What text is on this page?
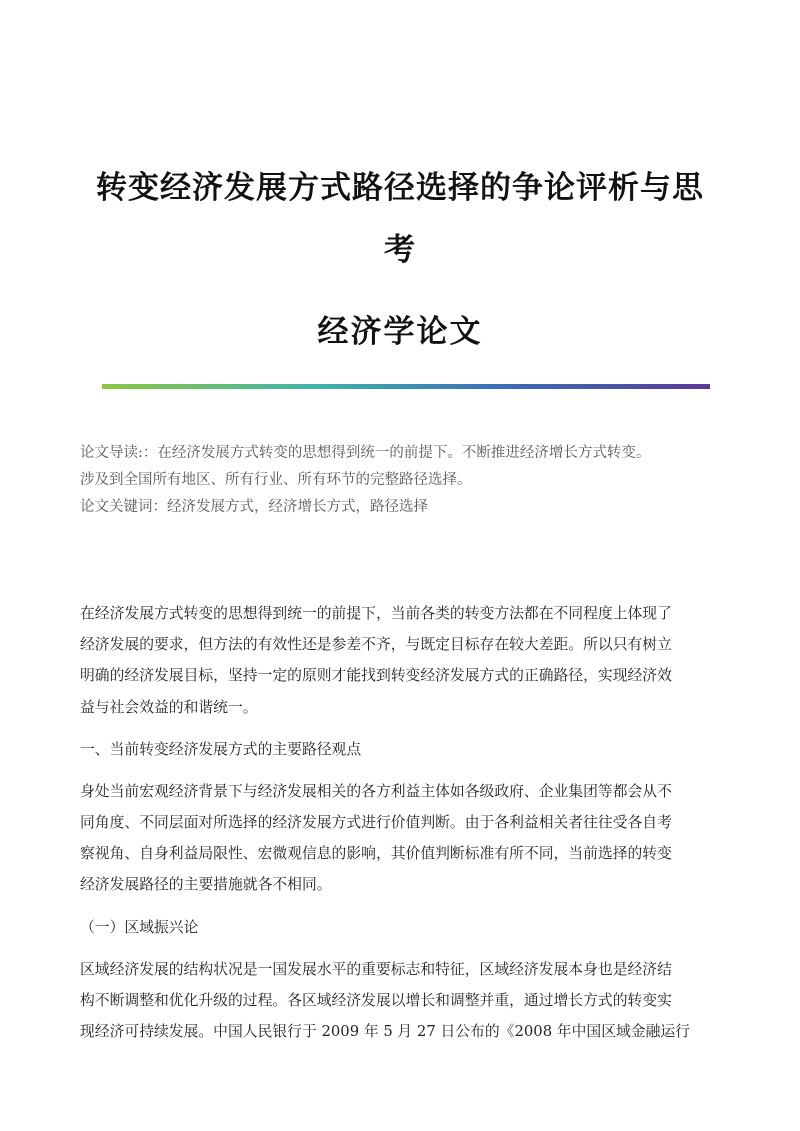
转变经济发展方式路径选择的争论评析与思
考
经济学论文

论文导读:：在经济发展方式转变的思想得到统一的前提下。不断推进经济增长方式转变。

涉及到全国所有地区、所有行业、所有环节的完整路径选择。

论文关键词：经济发展方式，经济增长方式，路径选择

在经济发展方式转变的思想得到统一的前提下，当前各类的转变方法都在不同程度上体现了
经济发展的要求，但方法的有效性还是参差不齐，与既定目标存在较大差距。所以只有树立
明确的经济发展目标，坚持一定的原则才能找到转变经济发展方式的正确路径，实现经济效
益与社会效益的和谐统一。

一、当前转变经济发展方式的主要路径观点

身处当前宏观经济背景下与经济发展相关的各方利益主体如各级政府、企业集团等都会从不
同角度、不同层面对所选择的经济发展方式进行价值判断。由于各利益相关者往往受各自考
察视角、自身利益局限性、宏微观信息的影响，其价值判断标准有所不同，当前选择的转变
经济发展路径的主要措施就各不相同。

（一）区域振兴论

区域经济发展的结构状况是一国发展水平的重要标志和特征，区域经济发展本身也是经济结
构不断调整和优化升级的过程。各区域经济发展以增长和调整并重，通过增长方式的转变实
现经济可持续发展。中国人民银行于 2009 年 5 月 27 日公布的《2008 年中国区域金融运行
